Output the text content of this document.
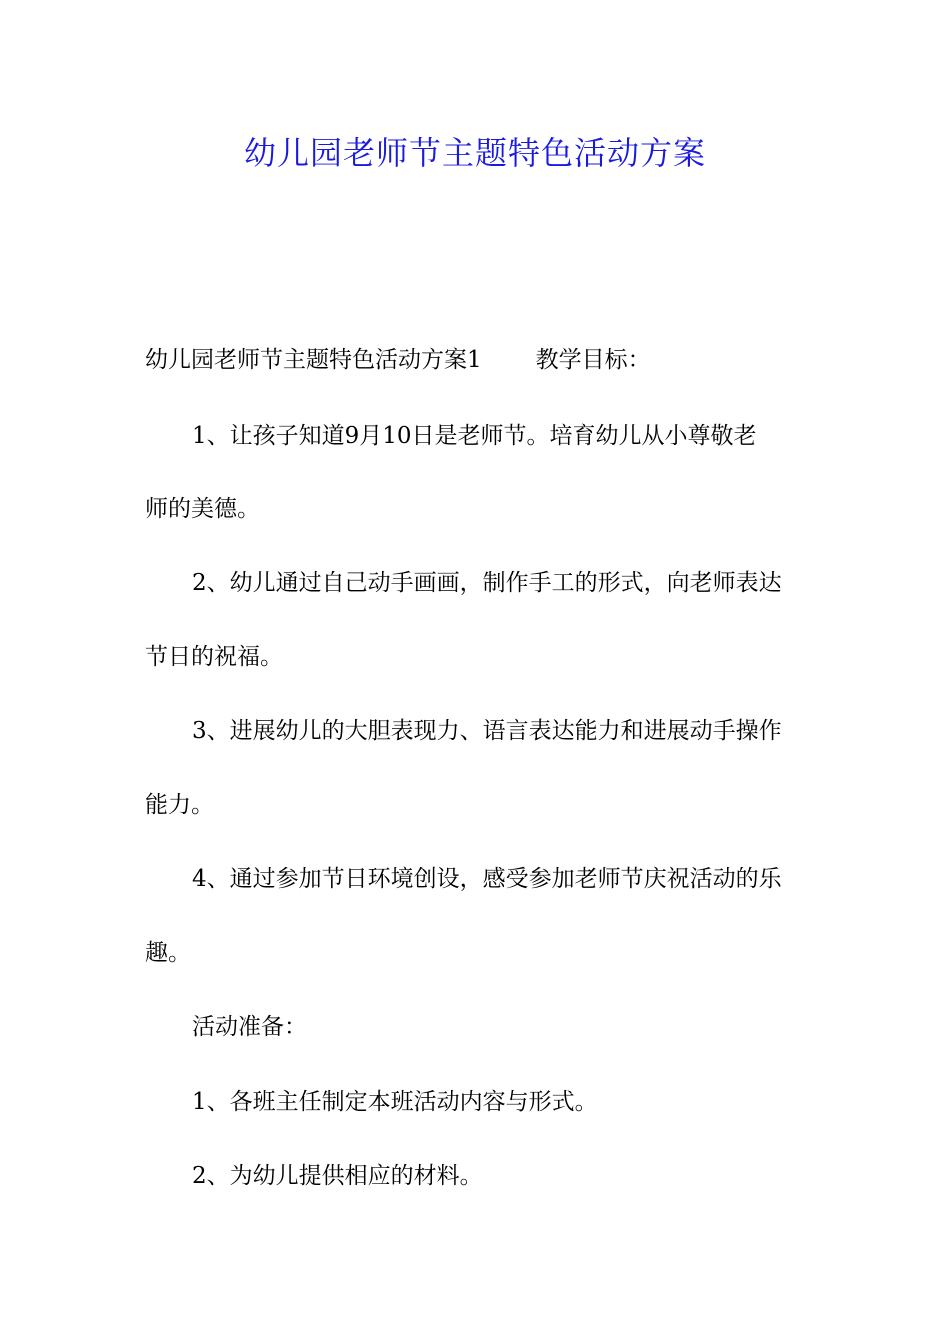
幼儿园老师节主题特色活动方案
幼儿园老师节主题特色活动方案1 教学目标：
1、让孩子知道9月10日是老师节。培育幼儿从小尊敬老
师的美德。
2、幼儿通过自己动手画画，制作手工的形式，向老师表达
节日的祝福。
3、进展幼儿的大胆表现力、语言表达能力和进展动手操作
能力。
4、通过参加节日环境创设，感受参加老师节庆祝活动的乐
趣。
活动准备：
1、各班主任制定本班活动内容与形式。
2、为幼儿提供相应的材料。
